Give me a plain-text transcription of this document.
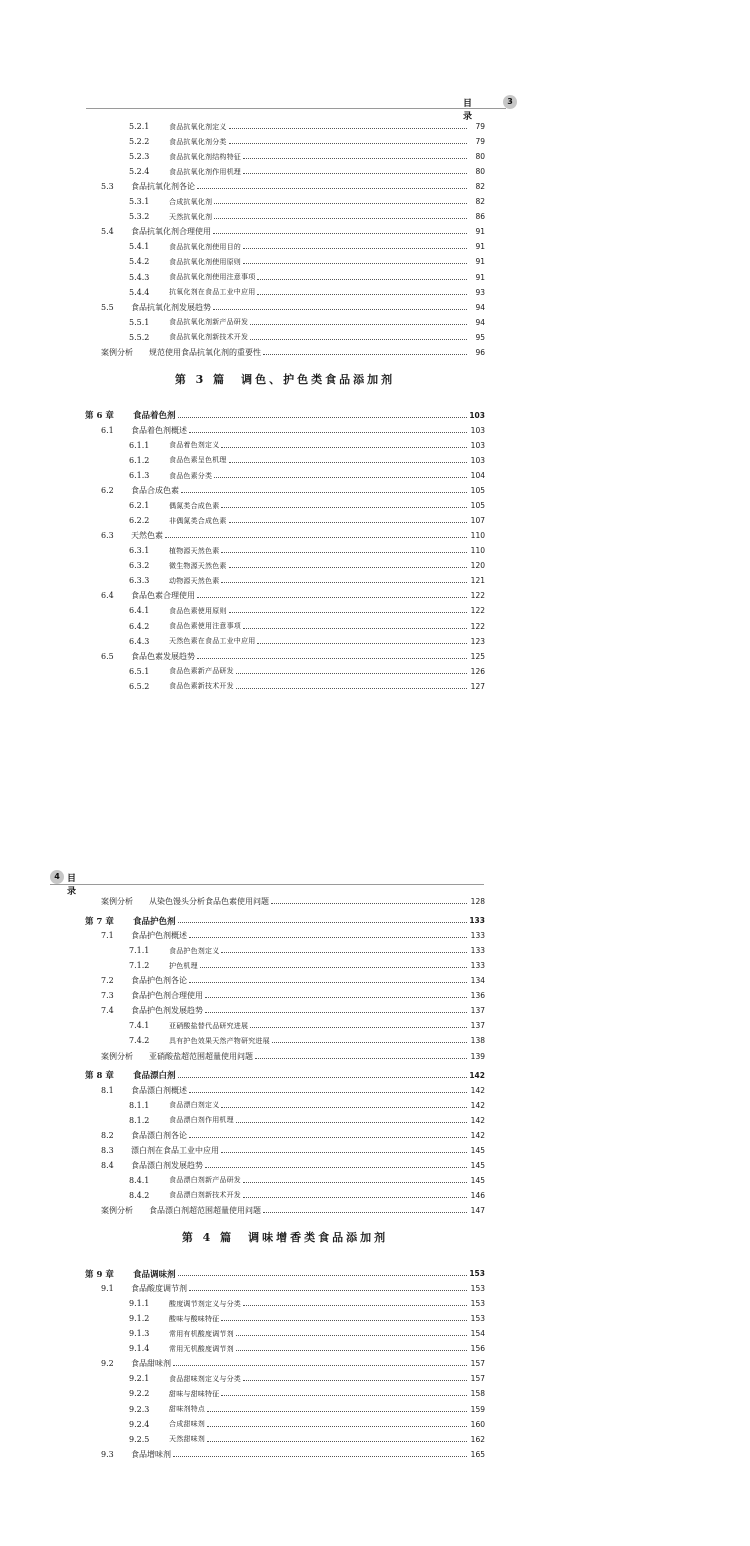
目 录
3
5.2.1	食品抗氧化剂定义	79
5.2.2	食品抗氧化剂分类	79
5.2.3	食品抗氧化剂结构特征	80
5.2.4	食品抗氧化剂作用机理	80
5.3	食品抗氧化剂各论	82
5.3.1	合成抗氧化剂	82
5.3.2	天然抗氧化剂	86
5.4	食品抗氧化剂合理使用	91
5.4.1	食品抗氧化剂使用目的	91
5.4.2	食品抗氧化剂使用原则	91
5.4.3	食品抗氧化剂使用注意事项	91
5.4.4	抗氧化剂在食品工业中应用	93
5.5	食品抗氧化剂发展趋势	94
5.5.1	食品抗氧化剂新产品研发	94
5.5.2	食品抗氧化剂新技术开发	95
案例分析	规范使用食品抗氧化剂的重要性	96
第 3 篇　调色、护色类食品添加剂
第 6 章	食品着色剂	103
6.1	食品着色剂概述	103
6.1.1	食品着色剂定义	103
6.1.2	食品色素呈色机理	103
6.1.3	食品色素分类	104
6.2	食品合成色素	105
6.2.1	偶氮类合成色素	105
6.2.2	非偶氮类合成色素	107
6.3	天然色素	110
6.3.1	植物源天然色素	110
6.3.2	微生物源天然色素	120
6.3.3	动物源天然色素	121
6.4	食品色素合理使用	122
6.4.1	食品色素使用原则	122
6.4.2	食品色素使用注意事项	122
6.4.3	天然色素在食品工业中应用	123
6.5	食品色素发展趋势	125
6.5.1	食品色素新产品研发	126
6.5.2	食品色素新技术开发	127
4 目 录
案例分析	从染色馒头分析食品色素使用问题	128
第 7 章	食品护色剂	133
7.1	食品护色剂概述	133
7.1.1	食品护色剂定义	133
7.1.2	护色机理	133
7.2	食品护色剂各论	134
7.3	食品护色剂合理使用	136
7.4	食品护色剂发展趋势	137
7.4.1	亚硝酸盐替代品研究进展	137
7.4.2	具有护色效果天然产物研究进展	138
案例分析	亚硝酸盐超范围超量使用问题	139
第 8 章	食品漂白剂	142
8.1	食品漂白剂概述	142
8.1.1	食品漂白剂定义	142
8.1.2	食品漂白剂作用机理	142
8.2	食品漂白剂各论	142
8.3	漂白剂在食品工业中应用	145
8.4	食品漂白剂发展趋势	145
8.4.1	食品漂白剂新产品研发	145
8.4.2	食品漂白剂新技术开发	146
案例分析	食品漂白剂超范围超量使用问题	147
第 4 篇　调味增香类食品添加剂
第 9 章	食品调味剂	153
9.1	食品酸度调节剂	153
9.1.1	酸度调节剂定义与分类	153
9.1.2	酸味与酸味特征	153
9.1.3	常用有机酸度调节剂	154
9.1.4	常用无机酸度调节剂	156
9.2	食品甜味剂	157
9.2.1	食品甜味剂定义与分类	157
9.2.2	甜味与甜味特征	158
9.2.3	甜味剂特点	159
9.2.4	合成甜味剂	160
9.2.5	天然甜味剂	162
9.3	食品增味剂	165
